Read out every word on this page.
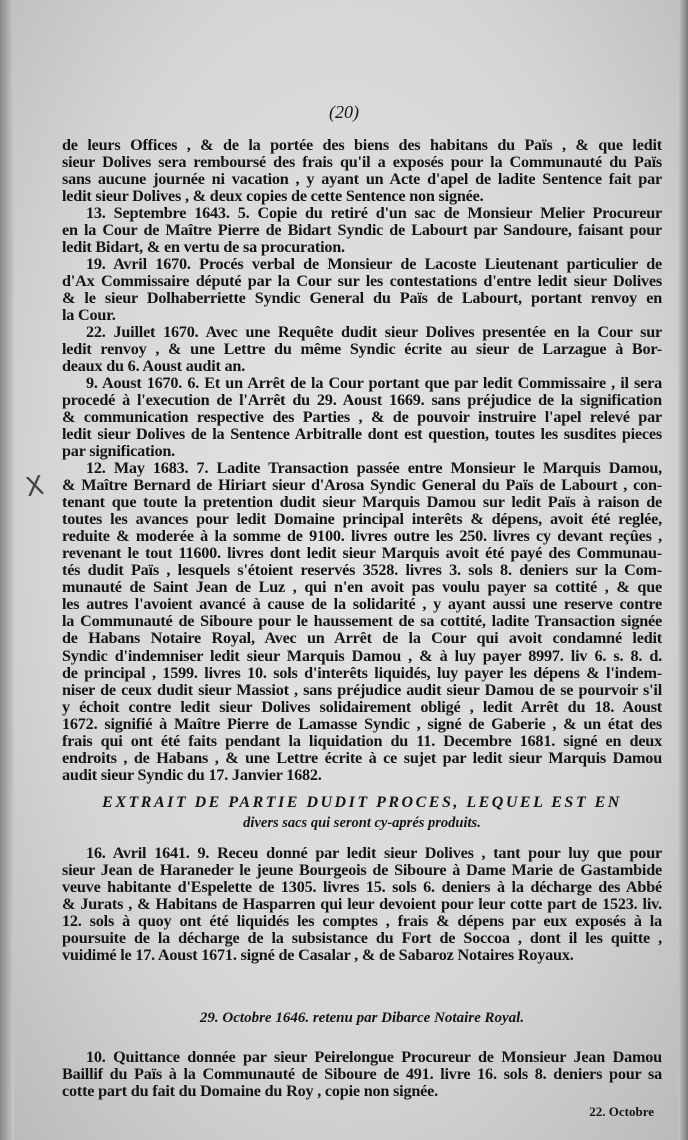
(20)
X
de leurs Offices , & de la portée des biens des habitans du Païs , & que ledit
sieur Dolives sera remboursé des frais qu'il a exposés pour la Communauté du Païs
sans aucune journée ni vacation , y ayant un Acte d'apel de ladite Sentence fait par
ledit sieur Dolives , & deux copies de cette Sentence non signée.
13. Septembre 1643. 5. Copie du retiré d'un sac de Monsieur Melier Procureur
en la Cour de Maître Pierre de Bidart Syndic de Labourt par Sandoure, faisant pour
ledit Bidart, & en vertu de sa procuration.
19. Avril 1670. Procés verbal de Monsieur de Lacoste Lieutenant particulier de
d'Ax Commissaire député par la Cour sur les contestations d'entre ledit sieur Dolives
& le sieur Dolhaberriette Syndic General du Païs de Labourt, portant renvoy en
la Cour.
22. Juillet 1670. Avec une Requête dudit sieur Dolives presentée en la Cour sur
ledit renvoy , & une Lettre du même Syndic écrite au sieur de Larzague à Bor-
deaux du 6. Aoust audit an.
9. Aoust 1670. 6. Et un Arrêt de la Cour portant que par ledit Commissaire , il sera
procedé à l'execution de l'Arrêt du 29. Aoust 1669. sans préjudice de la signification
& communication respective des Parties , & de pouvoir instruire l'apel relevé par
ledit sieur Dolives de la Sentence Arbitralle dont est question, toutes les susdites pieces
par signification.
12. May 1683. 7. Ladite Transaction passée entre Monsieur le Marquis Damou,
& Maître Bernard de Hiriart sieur d'Arosa Syndic General du Païs de Labourt , con-
tenant que toute la pretention dudit sieur Marquis Damou sur ledit Païs à raison de
toutes les avances pour ledit Domaine principal interêts & dépens, avoit été reglée,
reduite & moderée à la somme de 9100. livres outre les 250. livres cy devant reçûes ,
revenant le tout 11600. livres dont ledit sieur Marquis avoit été payé des Communau-
tés dudit Païs , lesquels s'étoient reservés 3528. livres 3. sols 8. deniers sur la Com-
munauté de Saint Jean de Luz , qui n'en avoit pas voulu payer sa cottité , & que
les autres l'avoient avancé à cause de la solidarité , y ayant aussi une reserve contre
la Communauté de Siboure pour le haussement de sa cottité, ladite Transaction signée
de Habans Notaire Royal, Avec un Arrêt de la Cour qui avoit condamné ledit
Syndic d'indemniser ledit sieur Marquis Damou , & à luy payer 8997. liv 6. s. 8. d.
de principal , 1599. livres 10. sols d'interêts liquidés, luy payer les dépens & l'indem-
niser de ceux dudit sieur Massiot , sans préjudice audit sieur Damou de se pourvoir s'il
y échoit contre ledit sieur Dolives solidairement obligé , ledit Arrêt du 18. Aoust
1672. signifié à Maître Pierre de Lamasse Syndic , signé de Gaberie , & un état des
frais qui ont été faits pendant la liquidation du 11. Decembre 1681. signé en deux
endroits , de Habans , & une Lettre écrite à ce sujet par ledit sieur Marquis Damou
audit sieur Syndic du 17. Janvier 1682.
EXTRAIT DE PARTIE DUDIT PROCES, LEQUEL EST EN
divers sacs qui seront cy-aprés produits.
16. Avril 1641. 9. Receu donné par ledit sieur Dolives , tant pour luy que pour
sieur Jean de Haraneder le jeune Bourgeois de Siboure à Dame Marie de Gastambide
veuve habitante d'Espelette de 1305. livres 15. sols 6. deniers à la décharge des Abbé
& Jurats , & Habitans de Hasparren qui leur devoient pour leur cotte part de 1523. liv.
12. sols à quoy ont été liquidés les comptes , frais & dépens par eux exposés à la
poursuite de la décharge de la subsistance du Fort de Soccoa , dont il les quitte ,
vuidimé le 17. Aoust 1671. signé de Casalar , & de Sabaroz Notaires Royaux.
29. Octobre 1646. retenu par Dibarce Notaire Royal.
10. Quittance donnée par sieur Peirelongue Procureur de Monsieur Jean Damou
Baillif du Païs à la Communauté de Siboure de 491. livre 16. sols 8. deniers pour sa
cotte part du fait du Domaine du Roy , copie non signée.
22. Octobre
